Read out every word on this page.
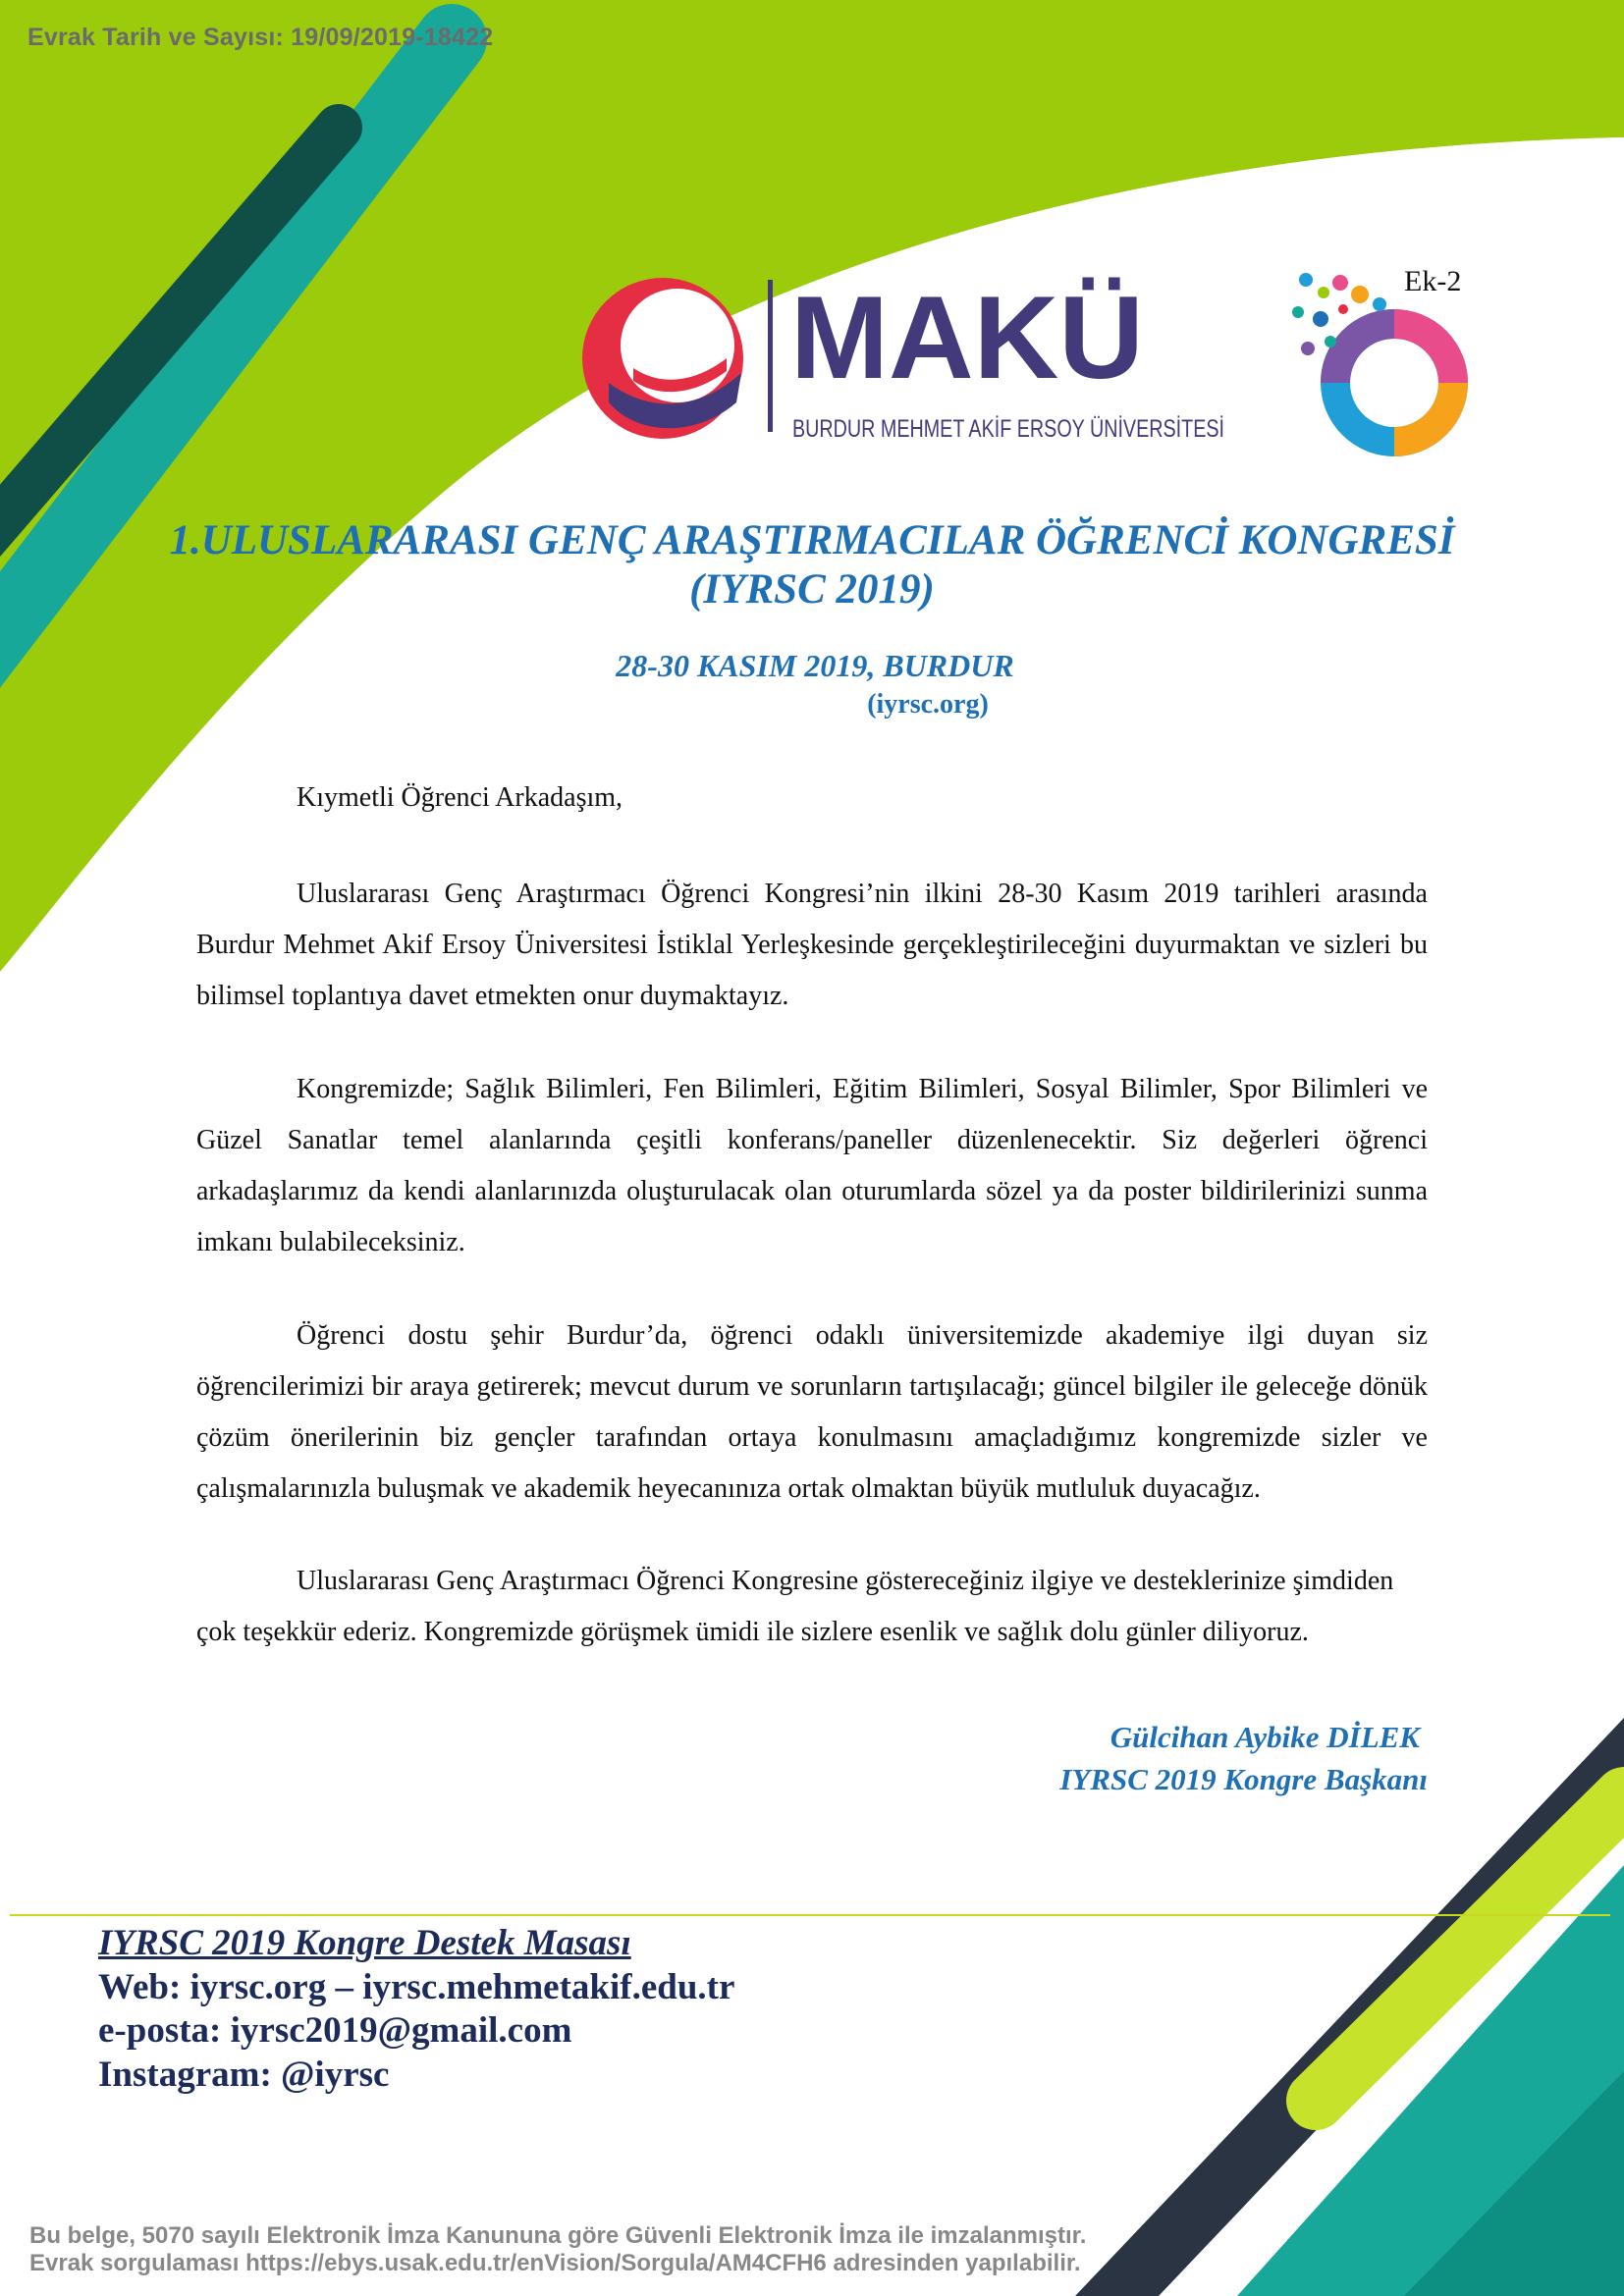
Evrak Tarih ve Sayısı: 19/09/2019-18422
MAKÜ
BURDUR MEHMET AKİF ERSOY ÜNİVERSİTESİ
Ek-2
1.ULUSLARARASI GENÇ ARAŞTIRMACILAR ÖĞRENCİ KONGRESİ
(IYRSC 2019)
28-30 KASIM 2019, BURDUR
(iyrsc.org)
Kıymetli Öğrenci Arkadaşım,

Uluslararası Genç Araştırmacı Öğrenci Kongresi’nin ilkini 28-30 Kasım 2019 tarihleri arasında Burdur Mehmet Akif Ersoy Üniversitesi İstiklal Yerleşkesinde gerçekleştirileceğini duyurmaktan ve sizleri bu bilimsel toplantıya davet etmekten onur duymaktayız.

Kongremizde; Sağlık Bilimleri, Fen Bilimleri, Eğitim Bilimleri, Sosyal Bilimler, Spor Bilimleri ve Güzel Sanatlar temel alanlarında çeşitli konferans/paneller düzenlenecektir. Siz değerleri öğrenci arkadaşlarımız da kendi alanlarınızda oluşturulacak olan oturumlarda sözel ya da poster bildirilerinizi sunma imkanı bulabileceksiniz.

Öğrenci dostu şehir Burdur’da, öğrenci odaklı üniversitemizde akademiye ilgi duyan siz öğrencilerimizi bir araya getirerek; mevcut durum ve sorunların tartışılacağı; güncel bilgiler ile geleceğe dönük çözüm önerilerinin biz gençler tarafından ortaya konulmasını amaçladığımız kongremizde sizler ve çalışmalarınızla buluşmak ve akademik heyecanınıza ortak olmaktan büyük mutluluk duyacağız.

Uluslararası Genç Araştırmacı Öğrenci Kongresine göstereceğiniz ilgiye ve desteklerinize şimdiden çok teşekkür ederiz. Kongremizde görüşmek ümidi ile sizlere esenlik ve sağlık dolu günler diliyoruz.

Gülcihan Aybike DİLEK
IYRSC 2019 Kongre Başkanı
IYRSC 2019 Kongre Destek Masası
Web: iyrsc.org – iyrsc.mehmetakif.edu.tr
e-posta: iyrsc2019@gmail.com
Instagram: @iyrsc
Bu belge, 5070 sayılı Elektronik İmza Kanununa göre Güvenli Elektronik İmza ile imzalanmıştır.
Evrak sorgulaması https://ebys.usak.edu.tr/enVision/Sorgula/AM4CFH6 adresinden yapılabilir.
